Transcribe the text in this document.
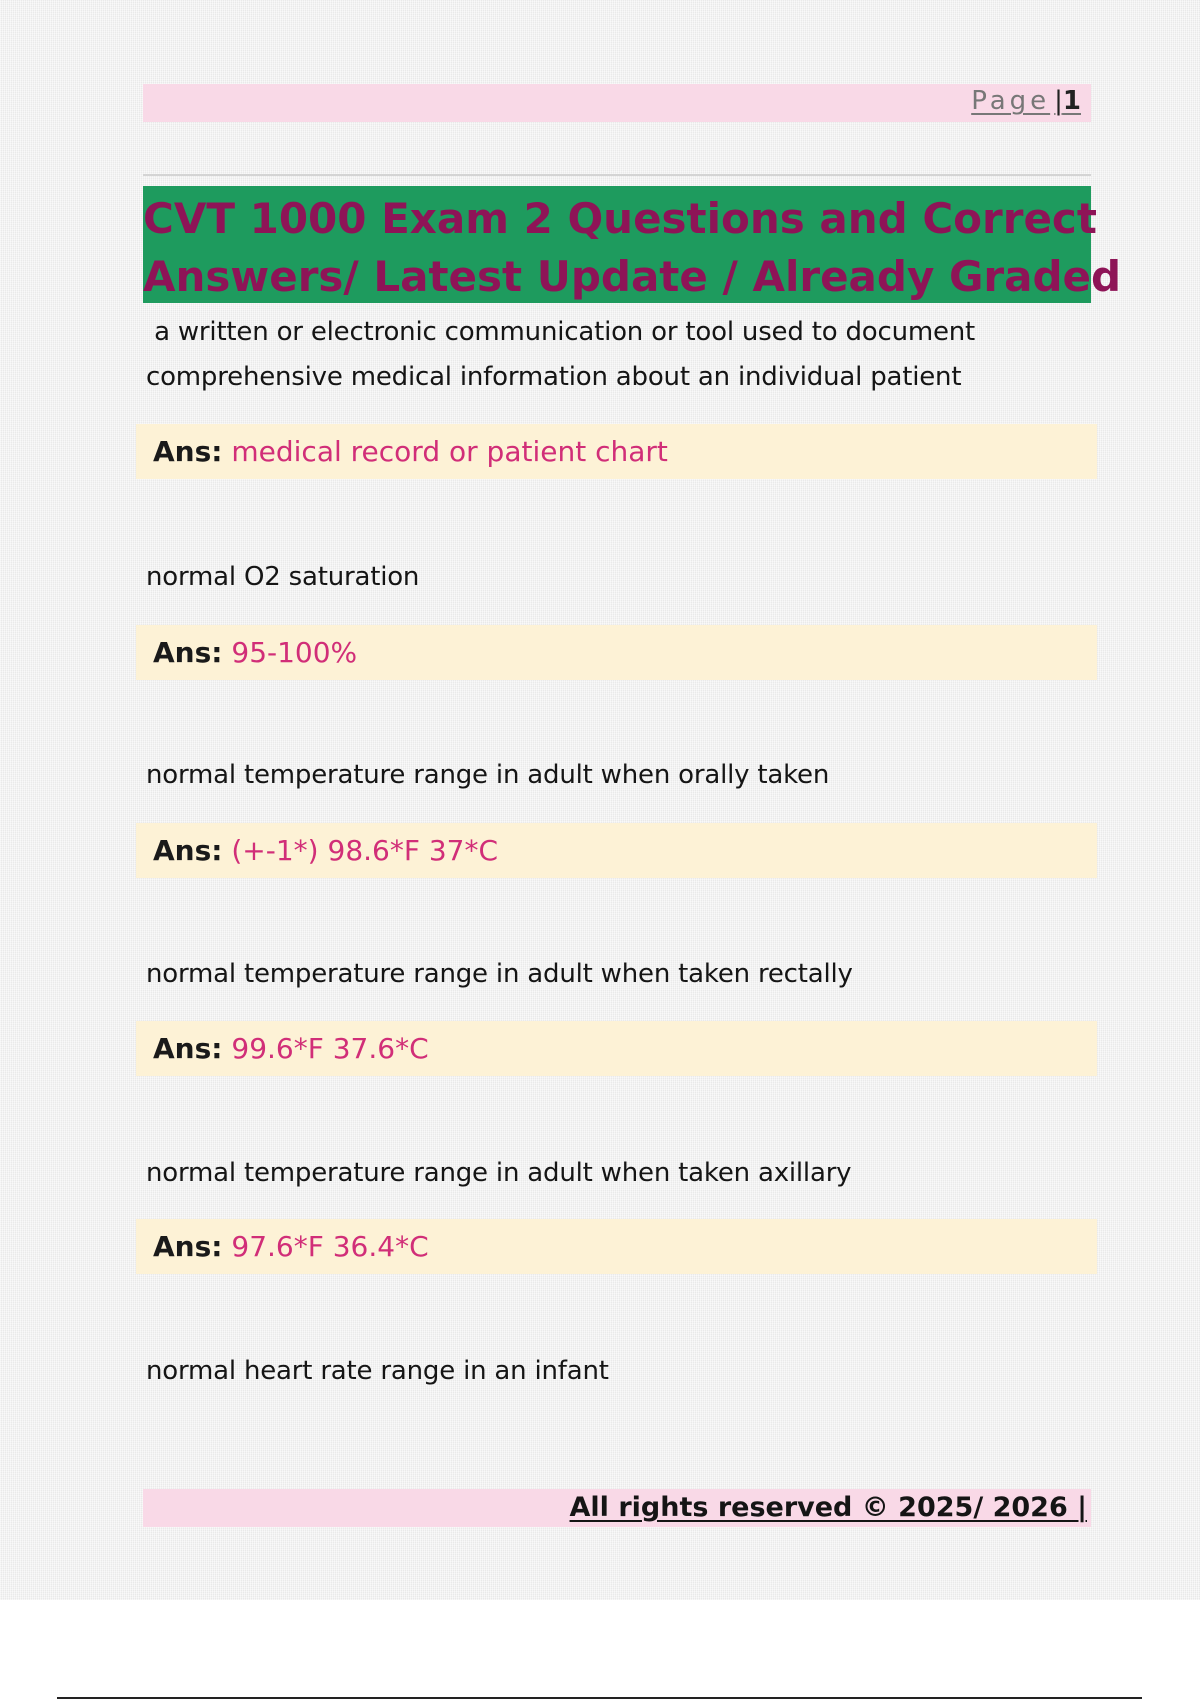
Page |1
CVT 1000 Exam 2 Questions and Correct
Answers/ Latest Update / Already Graded
a written or electronic communication or tool used to document
comprehensive medical information about an individual patient
Ans: medical record or patient chart
normal O2 saturation
Ans: 95-100%
normal temperature range in adult when orally taken
Ans: (+-1*) 98.6*F 37*C
normal temperature range in adult when taken rectally
Ans: 99.6*F 37.6*C
normal temperature range in adult when taken axillary
Ans: 97.6*F 36.4*C
normal heart rate range in an infant
All rights reserved © 2025/ 2026 |
